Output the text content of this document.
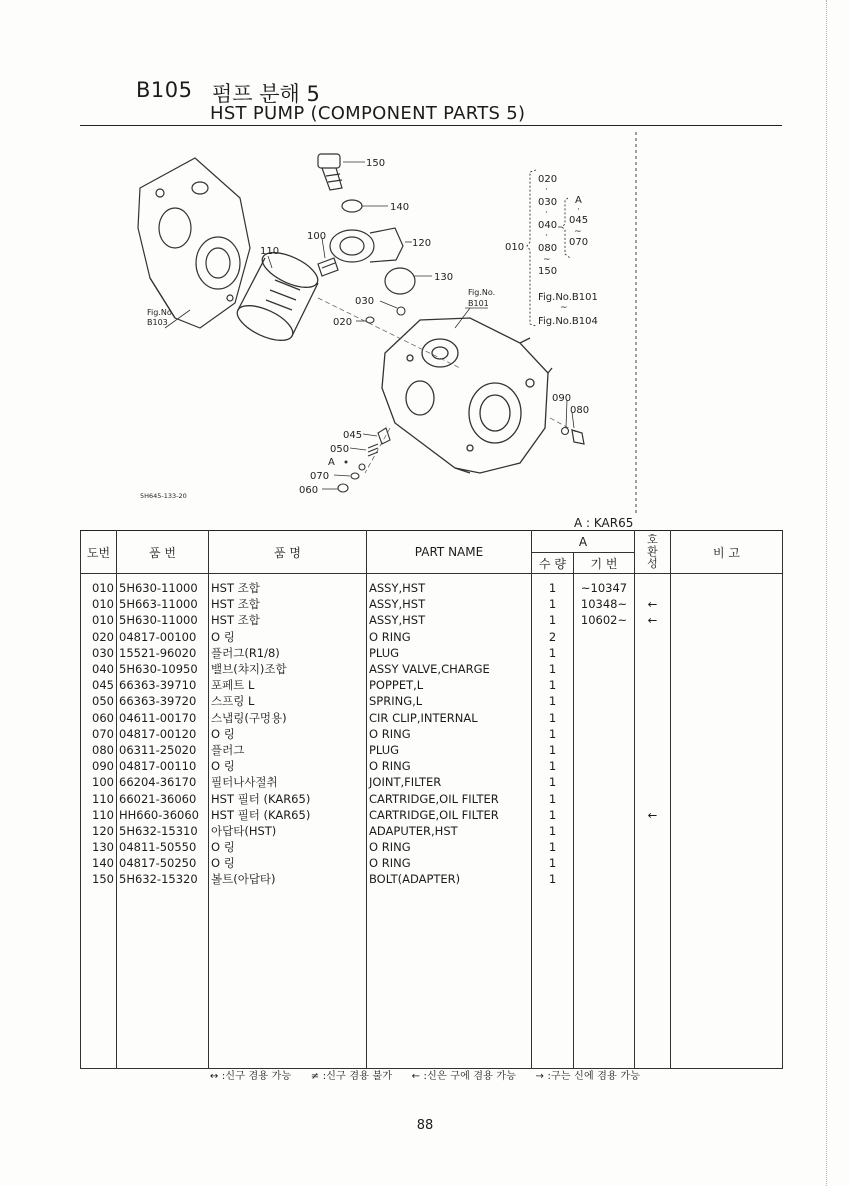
B105 펌프 분해 5
HST PUMP (COMPONENT PARTS 5)
Fig.No.
B103
150
140
120
100
110
130
030
020
Fig.No.
B101
090
080
045
050
A
070
060
5H645-133-20
010
020
·
030
·
040
·
080
~
150
A
·
045
~
070
Fig.No.B101
~
Fig.No.B104
A : KAR65
도번	품 번	품 명	PART NAME	A		호
환
성	비 고
				수 량	기 번		

010	5H630-11000	HST 조합	ASSY,HST	1	~10347		
010	5H663-11000	HST 조합	ASSY,HST	1	10348~	←	
010	5H630-11000	HST 조합	ASSY,HST	1	10602~	←	
020	04817-00100	O 링	O RING	2			
030	15521-96020	플러그(R1/8)	PLUG	1			
040	5H630-10950	밸브(챠지)조합	ASSY VALVE,CHARGE	1			
045	66363-39710	포페트 L	POPPET,L	1			
050	66363-39720	스프링 L	SPRING,L	1			
060	04611-00170	스냅링(구멍용)	CIR CLIP,INTERNAL	1			
070	04817-00120	O 링	O RING	1			
080	06311-25020	플러그	PLUG	1			
090	04817-00110	O 링	O RING	1			
100	66204-36170	필터나사절취	JOINT,FILTER	1			
110	66021-36060	HST 필터 (KAR65)	CARTRIDGE,OIL FILTER	1			
110	HH660-36060	HST 필터 (KAR65)	CARTRIDGE,OIL FILTER	1		←	
120	5H632-15310	아답타(HST)	ADAPUTER,HST	1			
130	04811-50550	O 링	O RING	1			
140	04817-50250	O 링	O RING	1			
150	5H632-15320	볼트(아답타)	BOLT(ADAPTER)	1			

↔ :신구 겸용 가능 ≠ :신구 겸용 불가 ← :신은 구에 겸용 가능 → :구는 신에 겸용 가능
88
